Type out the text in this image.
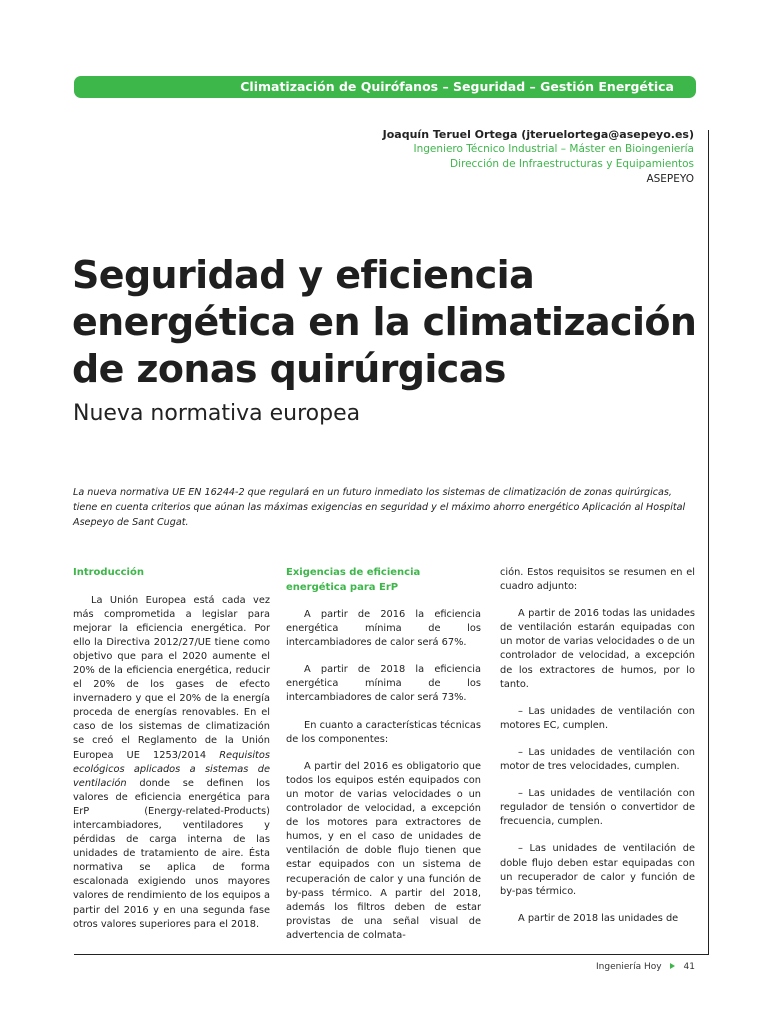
Climatización de Quirófanos – Seguridad – Gestión Energética
Joaquín Teruel Ortega (jteruelortega@asepeyo.es)
Ingeniero Técnico Industrial – Máster en Bioingeniería
Dirección de Infraestructuras y Equipamientos
ASEPEYO
Seguridad y eficiencia energética en la climatización de zonas quirúrgicas
Nueva normativa europea

La nueva normativa UE EN 16244-2 que regulará en un futuro inmediato los sistemas de climatización de zonas quirúrgicas, tiene en cuenta criterios que aúnan las máximas exigencias en seguridad y el máximo ahorro energético Aplicación al Hospital Asepeyo de Sant Cugat.

Introducción

La Unión Europea está cada vez más comprometida a legislar para mejorar la eficiencia energética. Por ello la Directiva 2012/27/UE tiene como objetivo que para el 2020 aumente el 20% de la eficiencia energética, reducir el 20% de los gases de efecto invernadero y que el 20% de la energía proceda de energías renovables. En el caso de los sistemas de climatización se creó el Reglamento de la Unión Europea UE 1253/2014 Requisitos ecológicos aplicados a sistemas de ventilación donde se definen los valores de eficiencia energética para ErP (Energy-related-Products) intercambiadores, ventiladores y pérdidas de carga interna de las unidades de tratamiento de aire. Ésta normativa se aplica de forma escalonada exigiendo unos mayores valores de rendimiento de los equipos a partir del 2016 y en una segunda fase otros valores superiores para el 2018.

Exigencias de eficiencia energética para ErP

A partir de 2016 la eficiencia energética mínima de los intercambiadores de calor será 67%.

A partir de 2018 la eficiencia energética mínima de los intercambiadores de calor será 73%.

En cuanto a características técnicas de los componentes:

A partir del 2016 es obligatorio que todos los equipos estén equipados con un motor de varias velocidades o un controlador de velocidad, a excepción de los motores para extractores de humos, y en el caso de unidades de ventilación de doble flujo tienen que estar equipados con un sistema de recuperación de calor y una función de by-pass térmico. A partir del 2018, además los filtros deben de estar provistas de una señal visual de advertencia de colmata-

ción. Estos requisitos se resumen en el cuadro adjunto:

A partir de 2016 todas las unidades de ventilación estarán equipadas con un motor de varias velocidades o de un controlador de velocidad, a excepción de los extractores de humos, por lo tanto.

– Las unidades de ventilación con motores EC, cumplen.

– Las unidades de ventilación con motor de tres velocidades, cumplen.

– Las unidades de ventilación con regulador de tensión o convertidor de frecuencia, cumplen.

– Las unidades de ventilación de doble flujo deben estar equipadas con un recuperador de calor y función de by-pas térmico.

A partir de 2018 las unidades de

Ingeniería Hoy 41
